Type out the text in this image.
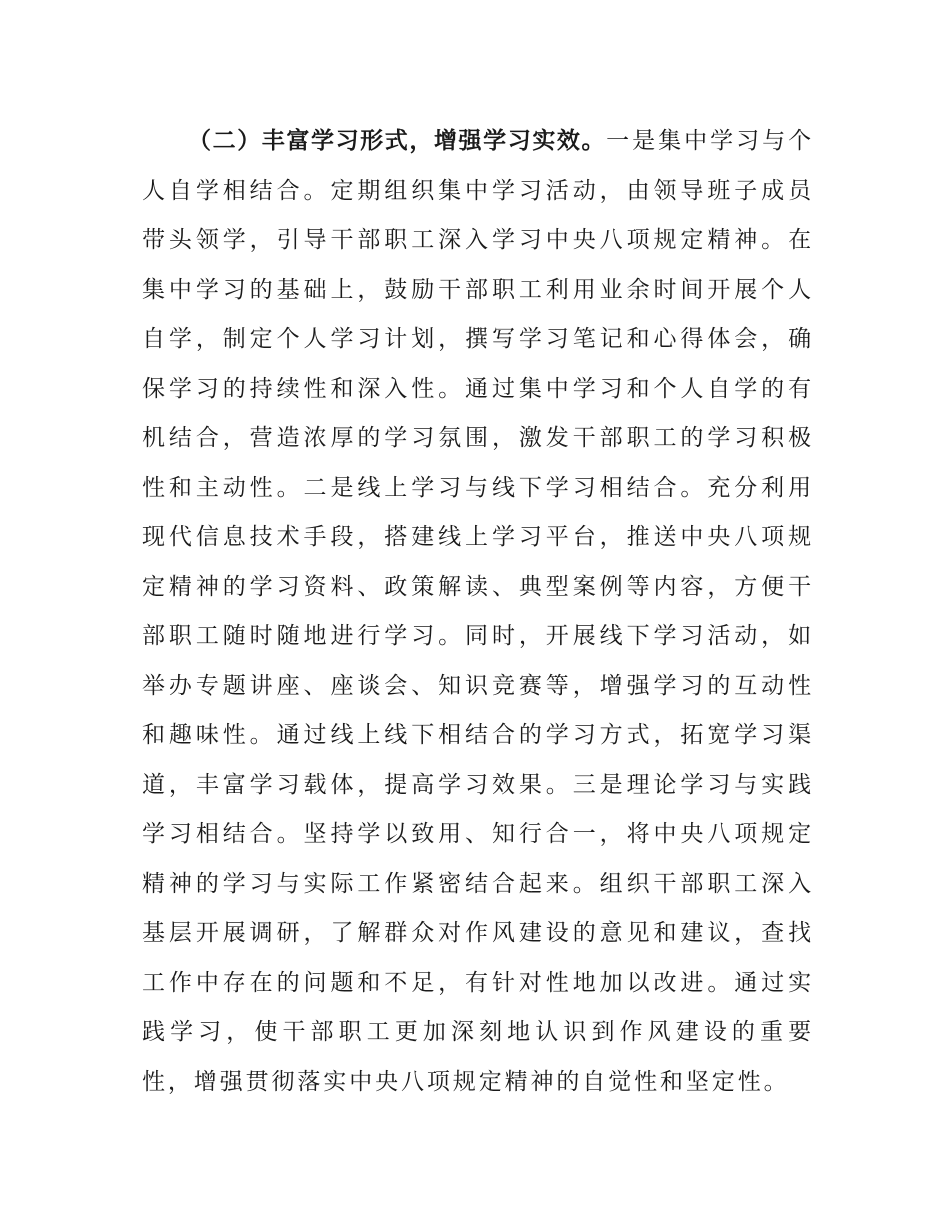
（二）丰富学习形式，增强学习实效。一是集中学习与个人自学相结合。定期组织集中学习活动，由领导班子成员带头领学，引导干部职工深入学习中央八项规定精神。在集中学习的基础上，鼓励干部职工利用业余时间开展个人自学，制定个人学习计划，撰写学习笔记和心得体会，确保学习的持续性和深入性。通过集中学习和个人自学的有机结合，营造浓厚的学习氛围，激发干部职工的学习积极性和主动性。二是线上学习与线下学习相结合。充分利用现代信息技术手段，搭建线上学习平台，推送中央八项规定精神的学习资料、政策解读、典型案例等内容，方便干部职工随时随地进行学习。同时，开展线下学习活动，如举办专题讲座、座谈会、知识竞赛等，增强学习的互动性和趣味性。通过线上线下相结合的学习方式，拓宽学习渠道，丰富学习载体，提高学习效果。三是理论学习与实践学习相结合。坚持学以致用、知行合一，将中央八项规定精神的学习与实际工作紧密结合起来。组织干部职工深入基层开展调研，了解群众对作风建设的意见和建议，查找工作中存在的问题和不足，有针对性地加以改进。通过实践学习，使干部职工更加深刻地认识到作风建设的重要性，增强贯彻落实中央八项规定精神的自觉性和坚定性。
